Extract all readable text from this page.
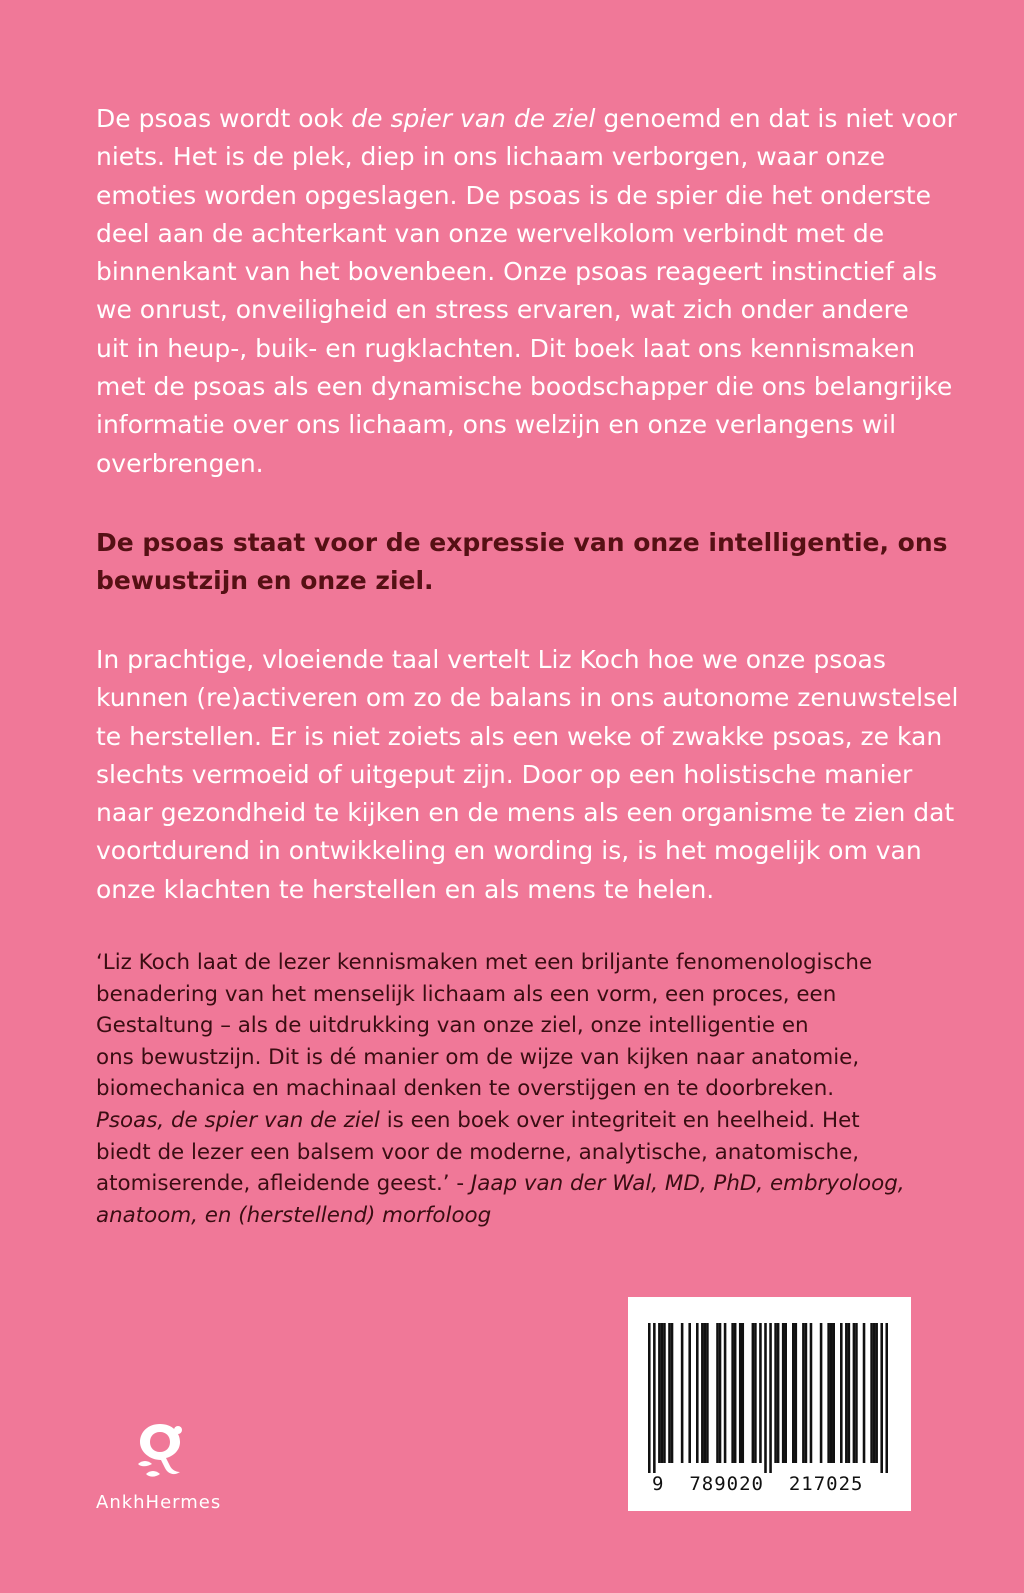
De psoas wordt ook de spier van de ziel genoemd en dat is niet voor
niets. Het is de plek, diep in ons lichaam verborgen, waar onze
emoties worden opgeslagen. De psoas is de spier die het onderste
deel aan de achterkant van onze wervelkolom verbindt met de
binnenkant van het bovenbeen. Onze psoas reageert instinctief als
we onrust, onveiligheid en stress ervaren, wat zich onder andere
uit in heup-, buik- en rugklachten. Dit boek laat ons kennismaken
met de psoas als een dynamische boodschapper die ons belangrijke
informatie over ons lichaam, ons welzijn en onze verlangens wil
overbrengen.

De psoas staat voor de expressie van onze intelligentie, ons
bewustzijn en onze ziel.

In prachtige, vloeiende taal vertelt Liz Koch hoe we onze psoas
kunnen (re)activeren om zo de balans in ons autonome zenuwstelsel
te herstellen. Er is niet zoiets als een weke of zwakke psoas, ze kan
slechts vermoeid of uitgeput zijn. Door op een holistische manier
naar gezondheid te kijken en de mens als een organisme te zien dat
voortdurend in ontwikkeling en wording is, is het mogelijk om van
onze klachten te herstellen en als mens te helen.

‘Liz Koch laat de lezer kennismaken met een briljante fenomenologische
benadering van het menselijk lichaam als een vorm, een proces, een
Gestaltung – als de uitdrukking van onze ziel, onze intelligentie en
ons bewustzijn. Dit is dé manier om de wijze van kijken naar anatomie,
biomechanica en machinaal denken te overstijgen en te doorbreken.
Psoas, de spier van de ziel is een boek over integriteit en heelheid. Het
biedt de lezer een balsem voor de moderne, analytische, anatomische,
atomiserende, afleidende geest.’ - Jaap van der Wal, MD, PhD, embryoloog,
anatoom, en (herstellend) morfoloog

9  789020  217025
AnkhHermes
